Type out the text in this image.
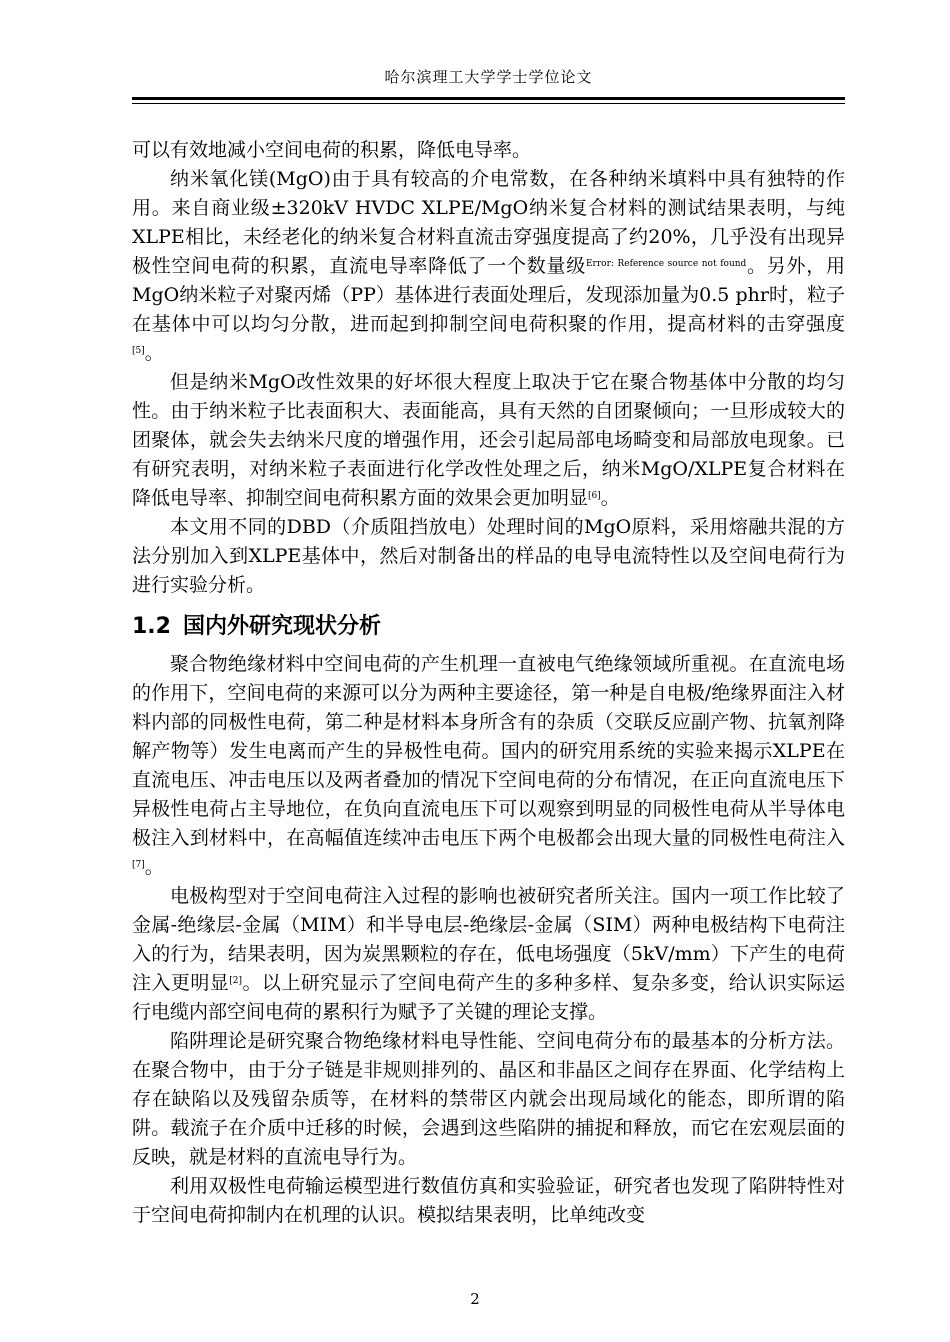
哈尔滨理工大学学士学位论文

可以有效地减小空间电荷的积累，降低电导率。

纳米氧化镁(MgO)由于具有较高的介电常数，在各种纳米填料中具有独特的作用。来自商业级±320kV HVDC XLPE/MgO纳米复合材料的测试结果表明，与纯XLPE相比，未经老化的纳米复合材料直流击穿强度提高了约20%，几乎没有出现异极性空间电荷的积累，直流电导率降低了一个数量级$^{Error: Reference source not found}$。另外，用MgO纳米粒子对聚丙烯（PP）基体进行表面处理后，发现添加量为0.5 phr时，粒子在基体中可以均匀分散，进而起到抑制空间电荷积聚的作用，提高材料的击穿强度[5]。

但是纳米MgO改性效果的好坏很大程度上取决于它在聚合物基体中分散的均匀性。由于纳米粒子比表面积大、表面能高，具有天然的自团聚倾向；一旦形成较大的团聚体，就会失去纳米尺度的增强作用，还会引起局部电场畸变和局部放电现象。已有研究表明，对纳米粒子表面进行化学改性处理之后，纳米MgO/XLPE复合材料在降低电导率、抑制空间电荷积累方面的效果会更加明显[6]。

本文用不同的DBD（介质阻挡放电）处理时间的MgO原料，采用熔融共混的方法分别加入到XLPE基体中，然后对制备出的样品的电导电流特性以及空间电荷行为进行实验分析。

1.2 国内外研究现状分析

聚合物绝缘材料中空间电荷的产生机理一直被电气绝缘领域所重视。在直流电场的作用下，空间电荷的来源可以分为两种主要途径，第一种是自电极/绝缘界面注入材料内部的同极性电荷，第二种是材料本身所含有的杂质（交联反应副产物、抗氧剂降解产物等）发生电离而产生的异极性电荷。国内的研究用系统的实验来揭示XLPE在直流电压、冲击电压以及两者叠加的情况下空间电荷的分布情况，在正向直流电压下异极性电荷占主导地位，在负向直流电压下可以观察到明显的同极性电荷从半导体电极注入到材料中，在高幅值连续冲击电压下两个电极都会出现大量的同极性电荷注入[7]。

电极构型对于空间电荷注入过程的影响也被研究者所关注。国内一项工作比较了金属-绝缘层-金属（MIM）和半导电层-绝缘层-金属（SIM）两种电极结构下电荷注入的行为，结果表明，因为炭黑颗粒的存在，低电场强度（5kV/mm）下产生的电荷注入更明显[2]。以上研究显示了空间电荷产生的多种多样、复杂多变，给认识实际运行电缆内部空间电荷的累积行为赋予了关键的理论支撑。

陷阱理论是研究聚合物绝缘材料电导性能、空间电荷分布的最基本的分析方法。在聚合物中，由于分子链是非规则排列的、晶区和非晶区之间存在界面、化学结构上存在缺陷以及残留杂质等，在材料的禁带区内就会出现局域化的能态，即所谓的陷阱。载流子在介质中迁移的时候，会遇到这些陷阱的捕捉和释放，而它在宏观层面的反映，就是材料的直流电导行为。

利用双极性电荷输运模型进行数值仿真和实验验证，研究者也发现了陷阱特性对于空间电荷抑制内在机理的认识。模拟结果表明，比单纯改变

2
